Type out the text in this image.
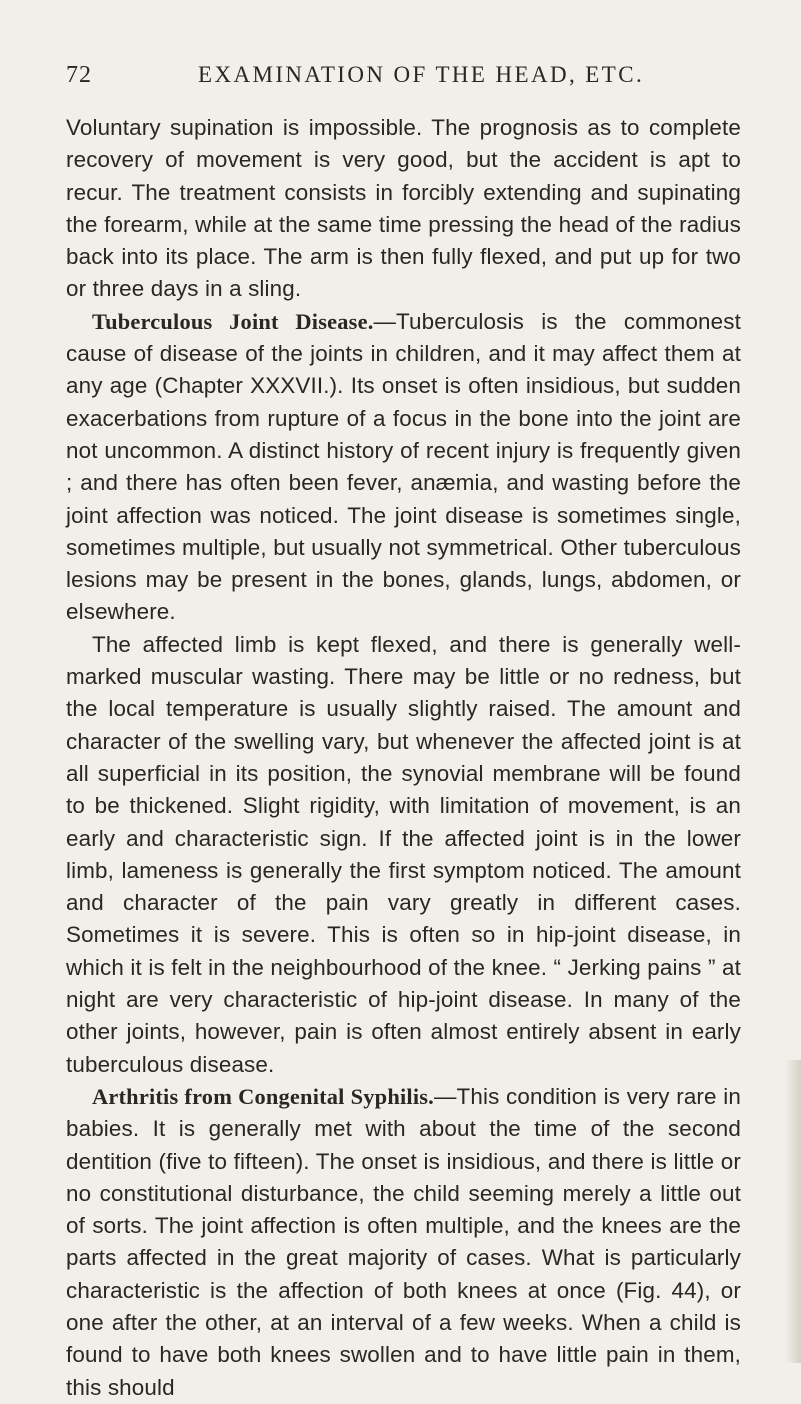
72	EXAMINATION OF THE HEAD, ETC.

Voluntary supination is impossible. The prognosis as to complete recovery of movement is very good, but the accident is apt to recur. The treatment consists in forcibly extending and supinating the forearm, while at the same time pressing the head of the radius back into its place. The arm is then fully flexed, and put up for two or three days in a sling.

Tuberculous Joint Disease.—Tuberculosis is the commonest cause of disease of the joints in children, and it may affect them at any age (Chapter XXXVII.). Its onset is often insidious, but sudden exacerbations from rupture of a focus in the bone into the joint are not uncommon. A distinct history of recent injury is frequently given ; and there has often been fever, anæmia, and wasting before the joint affection was noticed. The joint disease is sometimes single, sometimes multiple, but usually not symmetrical. Other tuberculous lesions may be present in the bones, glands, lungs, abdomen, or elsewhere.

The affected limb is kept flexed, and there is generally well-marked muscular wasting. There may be little or no redness, but the local temperature is usually slightly raised. The amount and character of the swelling vary, but whenever the affected joint is at all superficial in its position, the synovial membrane will be found to be thickened. Slight rigidity, with limitation of movement, is an early and characteristic sign. If the affected joint is in the lower limb, lameness is generally the first symptom noticed. The amount and character of the pain vary greatly in different cases. Sometimes it is severe. This is often so in hip-joint disease, in which it is felt in the neighbourhood of the knee. “ Jerking pains ” at night are very characteristic of hip-joint disease. In many of the other joints, however, pain is often almost entirely absent in early tuberculous disease.

Arthritis from Congenital Syphilis.—This condition is very rare in babies. It is generally met with about the time of the second dentition (five to fifteen). The onset is insidious, and there is little or no constitutional disturbance, the child seeming merely a little out of sorts. The joint affection is often multiple, and the knees are the parts affected in the great majority of cases. What is particularly characteristic is the affection of both knees at once (Fig. 44), or one after the other, at an interval of a few weeks. When a child is found to have both knees swollen and to have little pain in them, this should
